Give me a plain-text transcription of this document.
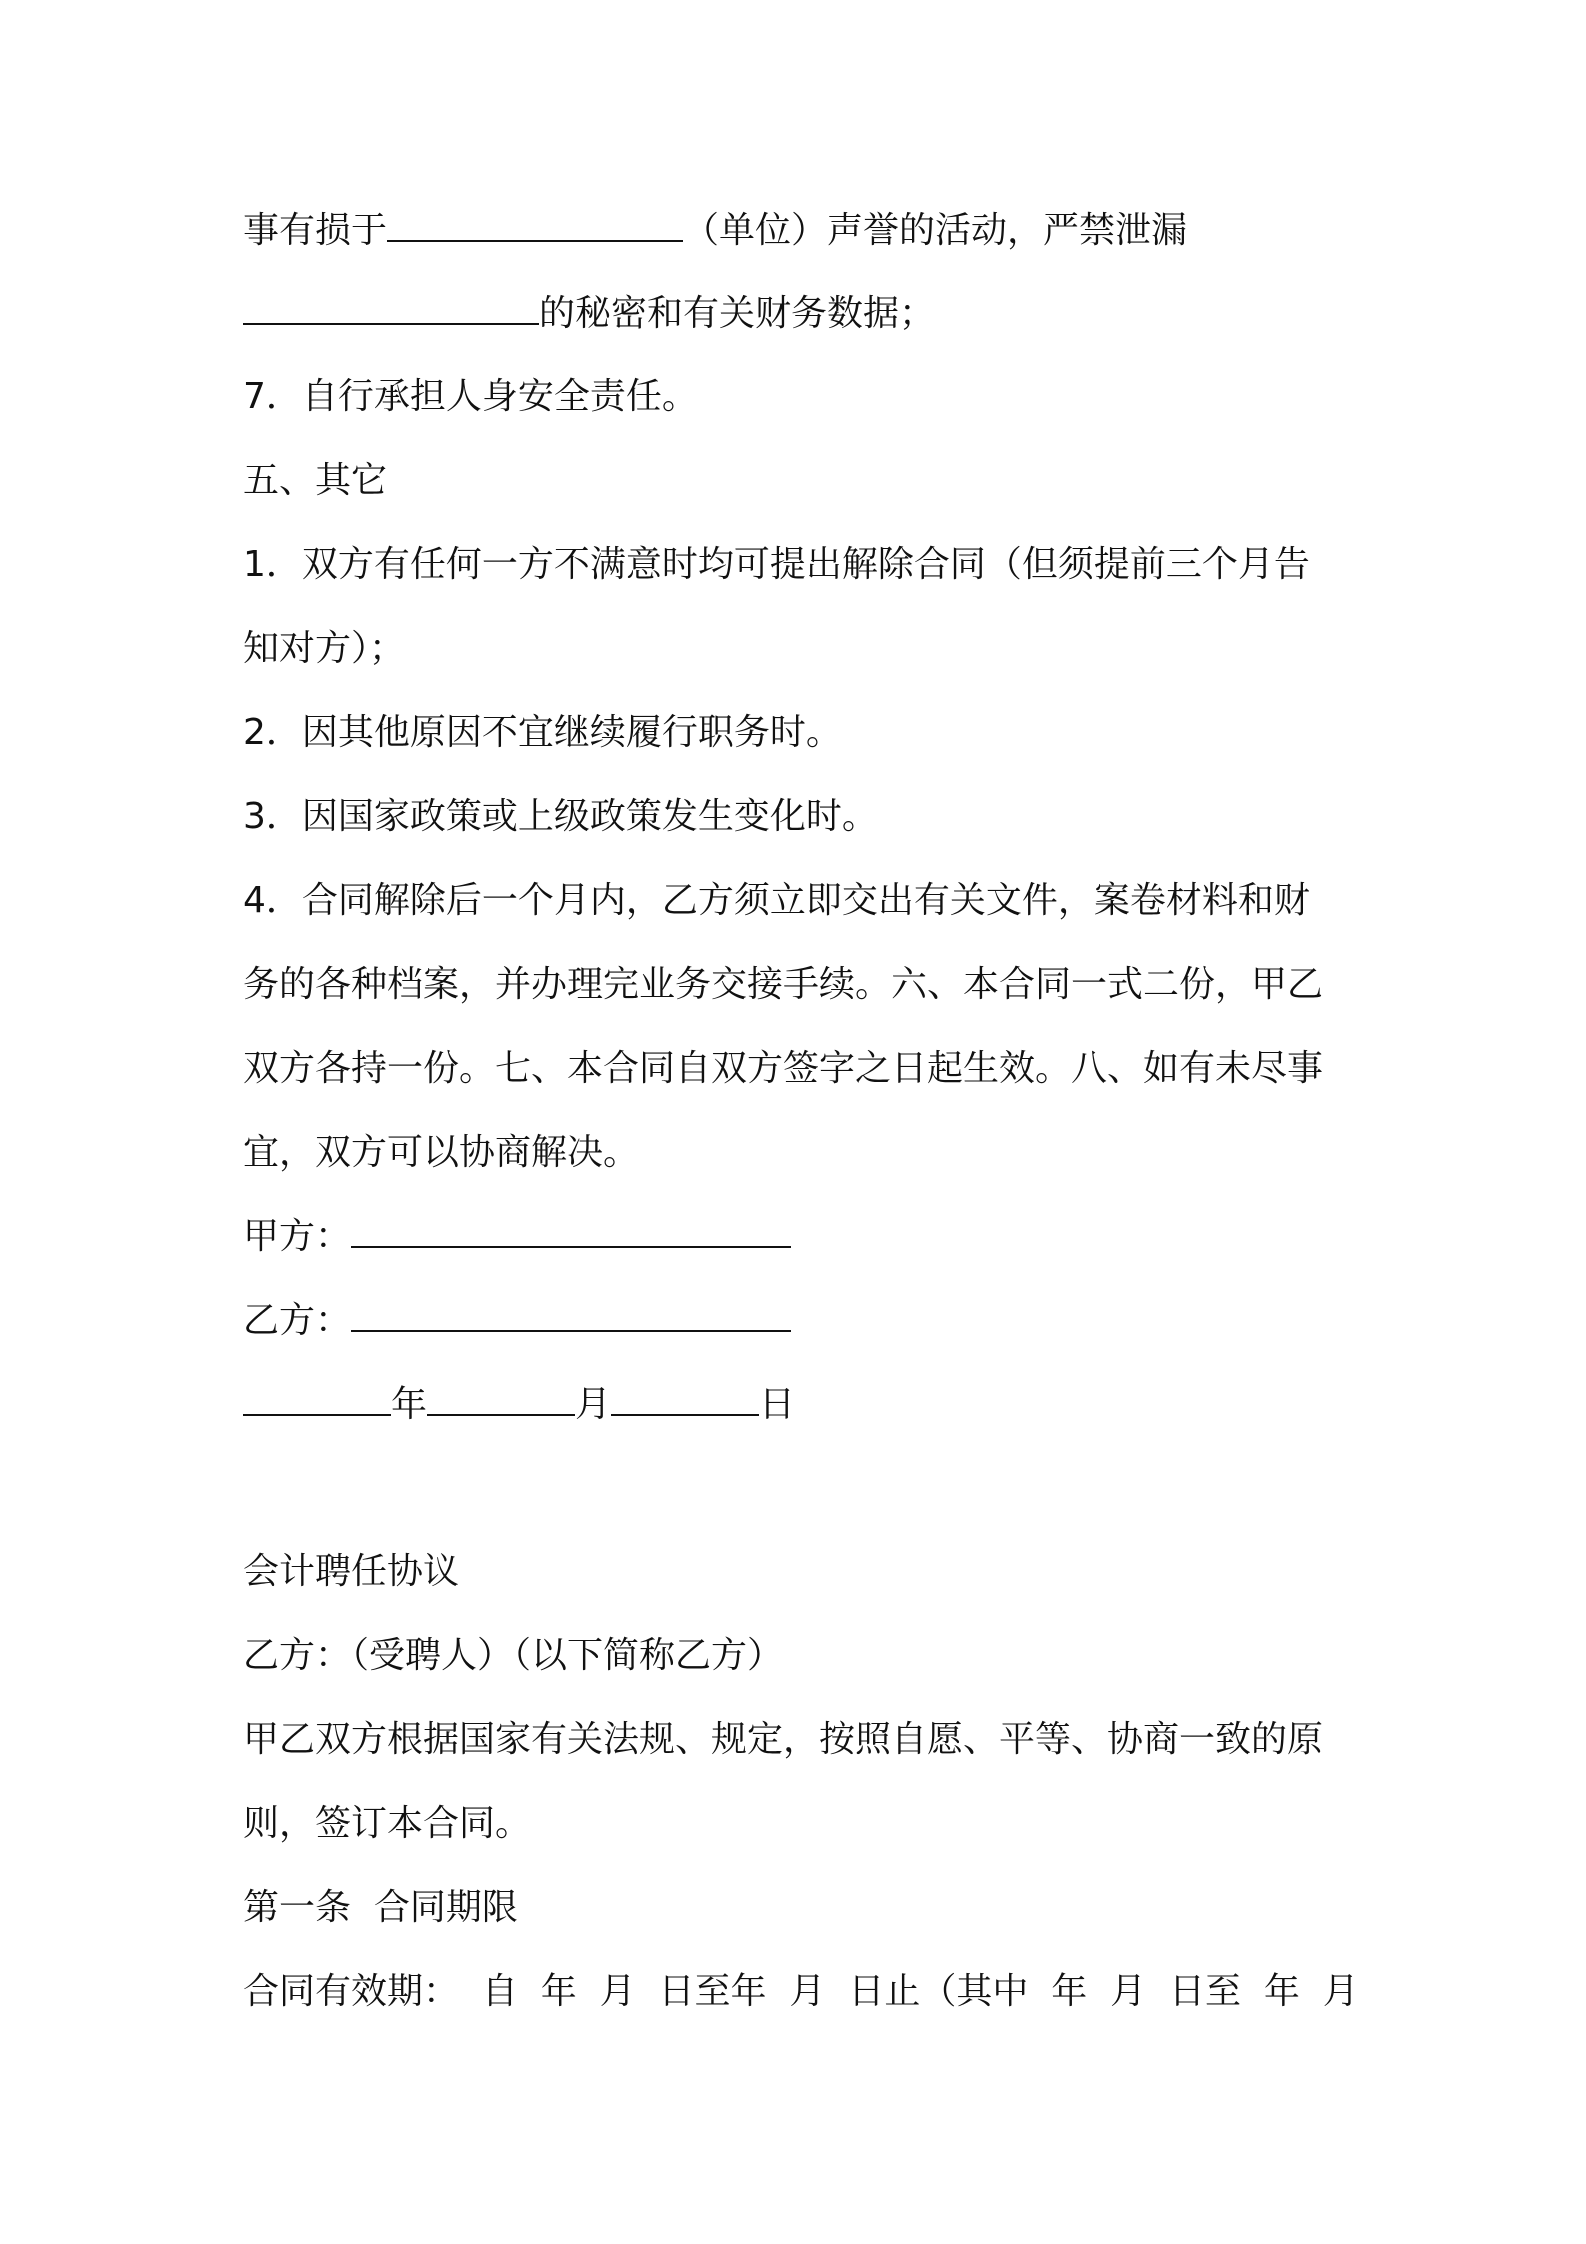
事有损于	（单位）声誉的活动，严禁泄漏
的秘密和有关财务数据；
7．自行承担人身安全责任。
五、其它
1．双方有任何一方不满意时均可提出解除合同（但须提前三个月告
知对方）；
2．因其他原因不宜继续履行职务时。
3．因国家政策或上级政策发生变化时。
4．合同解除后一个月内，乙方须立即交出有关文件，案卷材料和财
务的各种档案，并办理完业务交接手续。六、本合同一式二份，甲乙
双方各持一份。七、本合同自双方签字之日起生效。八、如有未尽事
宜，双方可以协商解决。
甲方：
乙方：
年	月	日
会计聘任协议
乙方：（受聘人）（以下简称乙方）
甲乙双方根据国家有关法规、规定，按照自愿、平等、协商一致的原
则，签订本合同。
第一条  合同期限
合同有效期：  自  年  月  日至年  月  日止（其中  年  月  日至  年  月
